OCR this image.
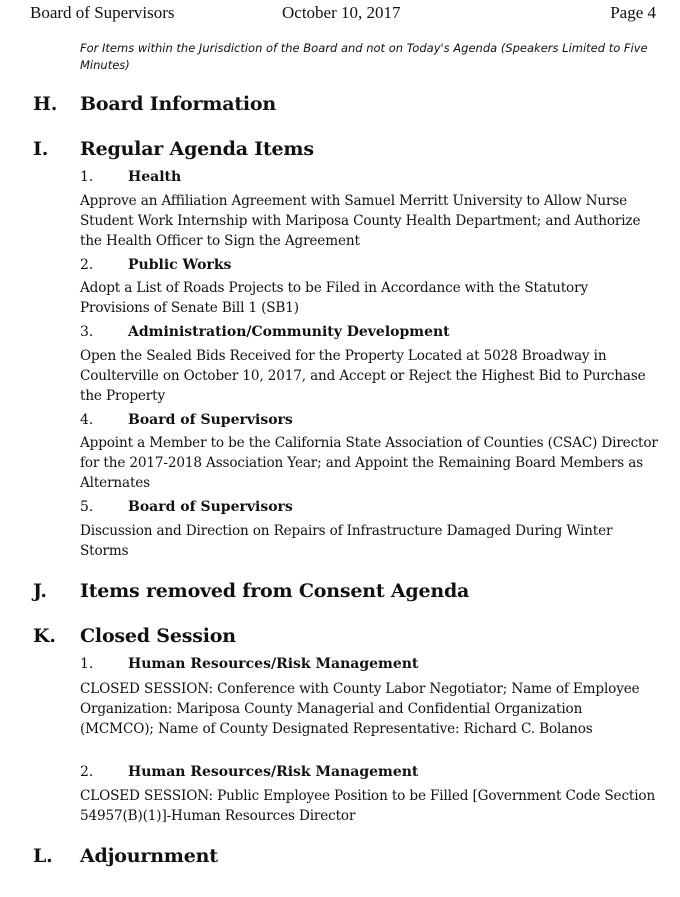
Board of Supervisors	October 10, 2017	Page 4
For Items within the Jurisdiction of the Board and not on Today's Agenda (Speakers Limited to Five Minutes)
H. Board Information
I. Regular Agenda Items
1. Health
Approve an Affiliation Agreement with Samuel Merritt University to Allow Nurse Student Work Internship with Mariposa County Health Department; and Authorize the Health Officer to Sign the Agreement
2. Public Works
Adopt a List of Roads Projects to be Filed in Accordance with the Statutory Provisions of Senate Bill 1 (SB1)
3. Administration/Community Development
Open the Sealed Bids Received for the Property Located at 5028 Broadway in Coulterville on October 10, 2017, and Accept or Reject the Highest Bid to Purchase the Property
4. Board of Supervisors
Appoint a Member to be the California State Association of Counties (CSAC) Director for the 2017-2018 Association Year; and Appoint the Remaining Board Members as Alternates
5. Board of Supervisors
Discussion and Direction on Repairs of Infrastructure Damaged During Winter Storms
J. Items removed from Consent Agenda
K. Closed Session
1. Human Resources/Risk Management
CLOSED SESSION: Conference with County Labor Negotiator; Name of Employee Organization: Mariposa County Managerial and Confidential Organization (MCMCO); Name of County Designated Representative: Richard C. Bolanos
2. Human Resources/Risk Management
CLOSED SESSION: Public Employee Position to be Filled [Government Code Section 54957(B)(1)]-Human Resources Director
L. Adjournment
